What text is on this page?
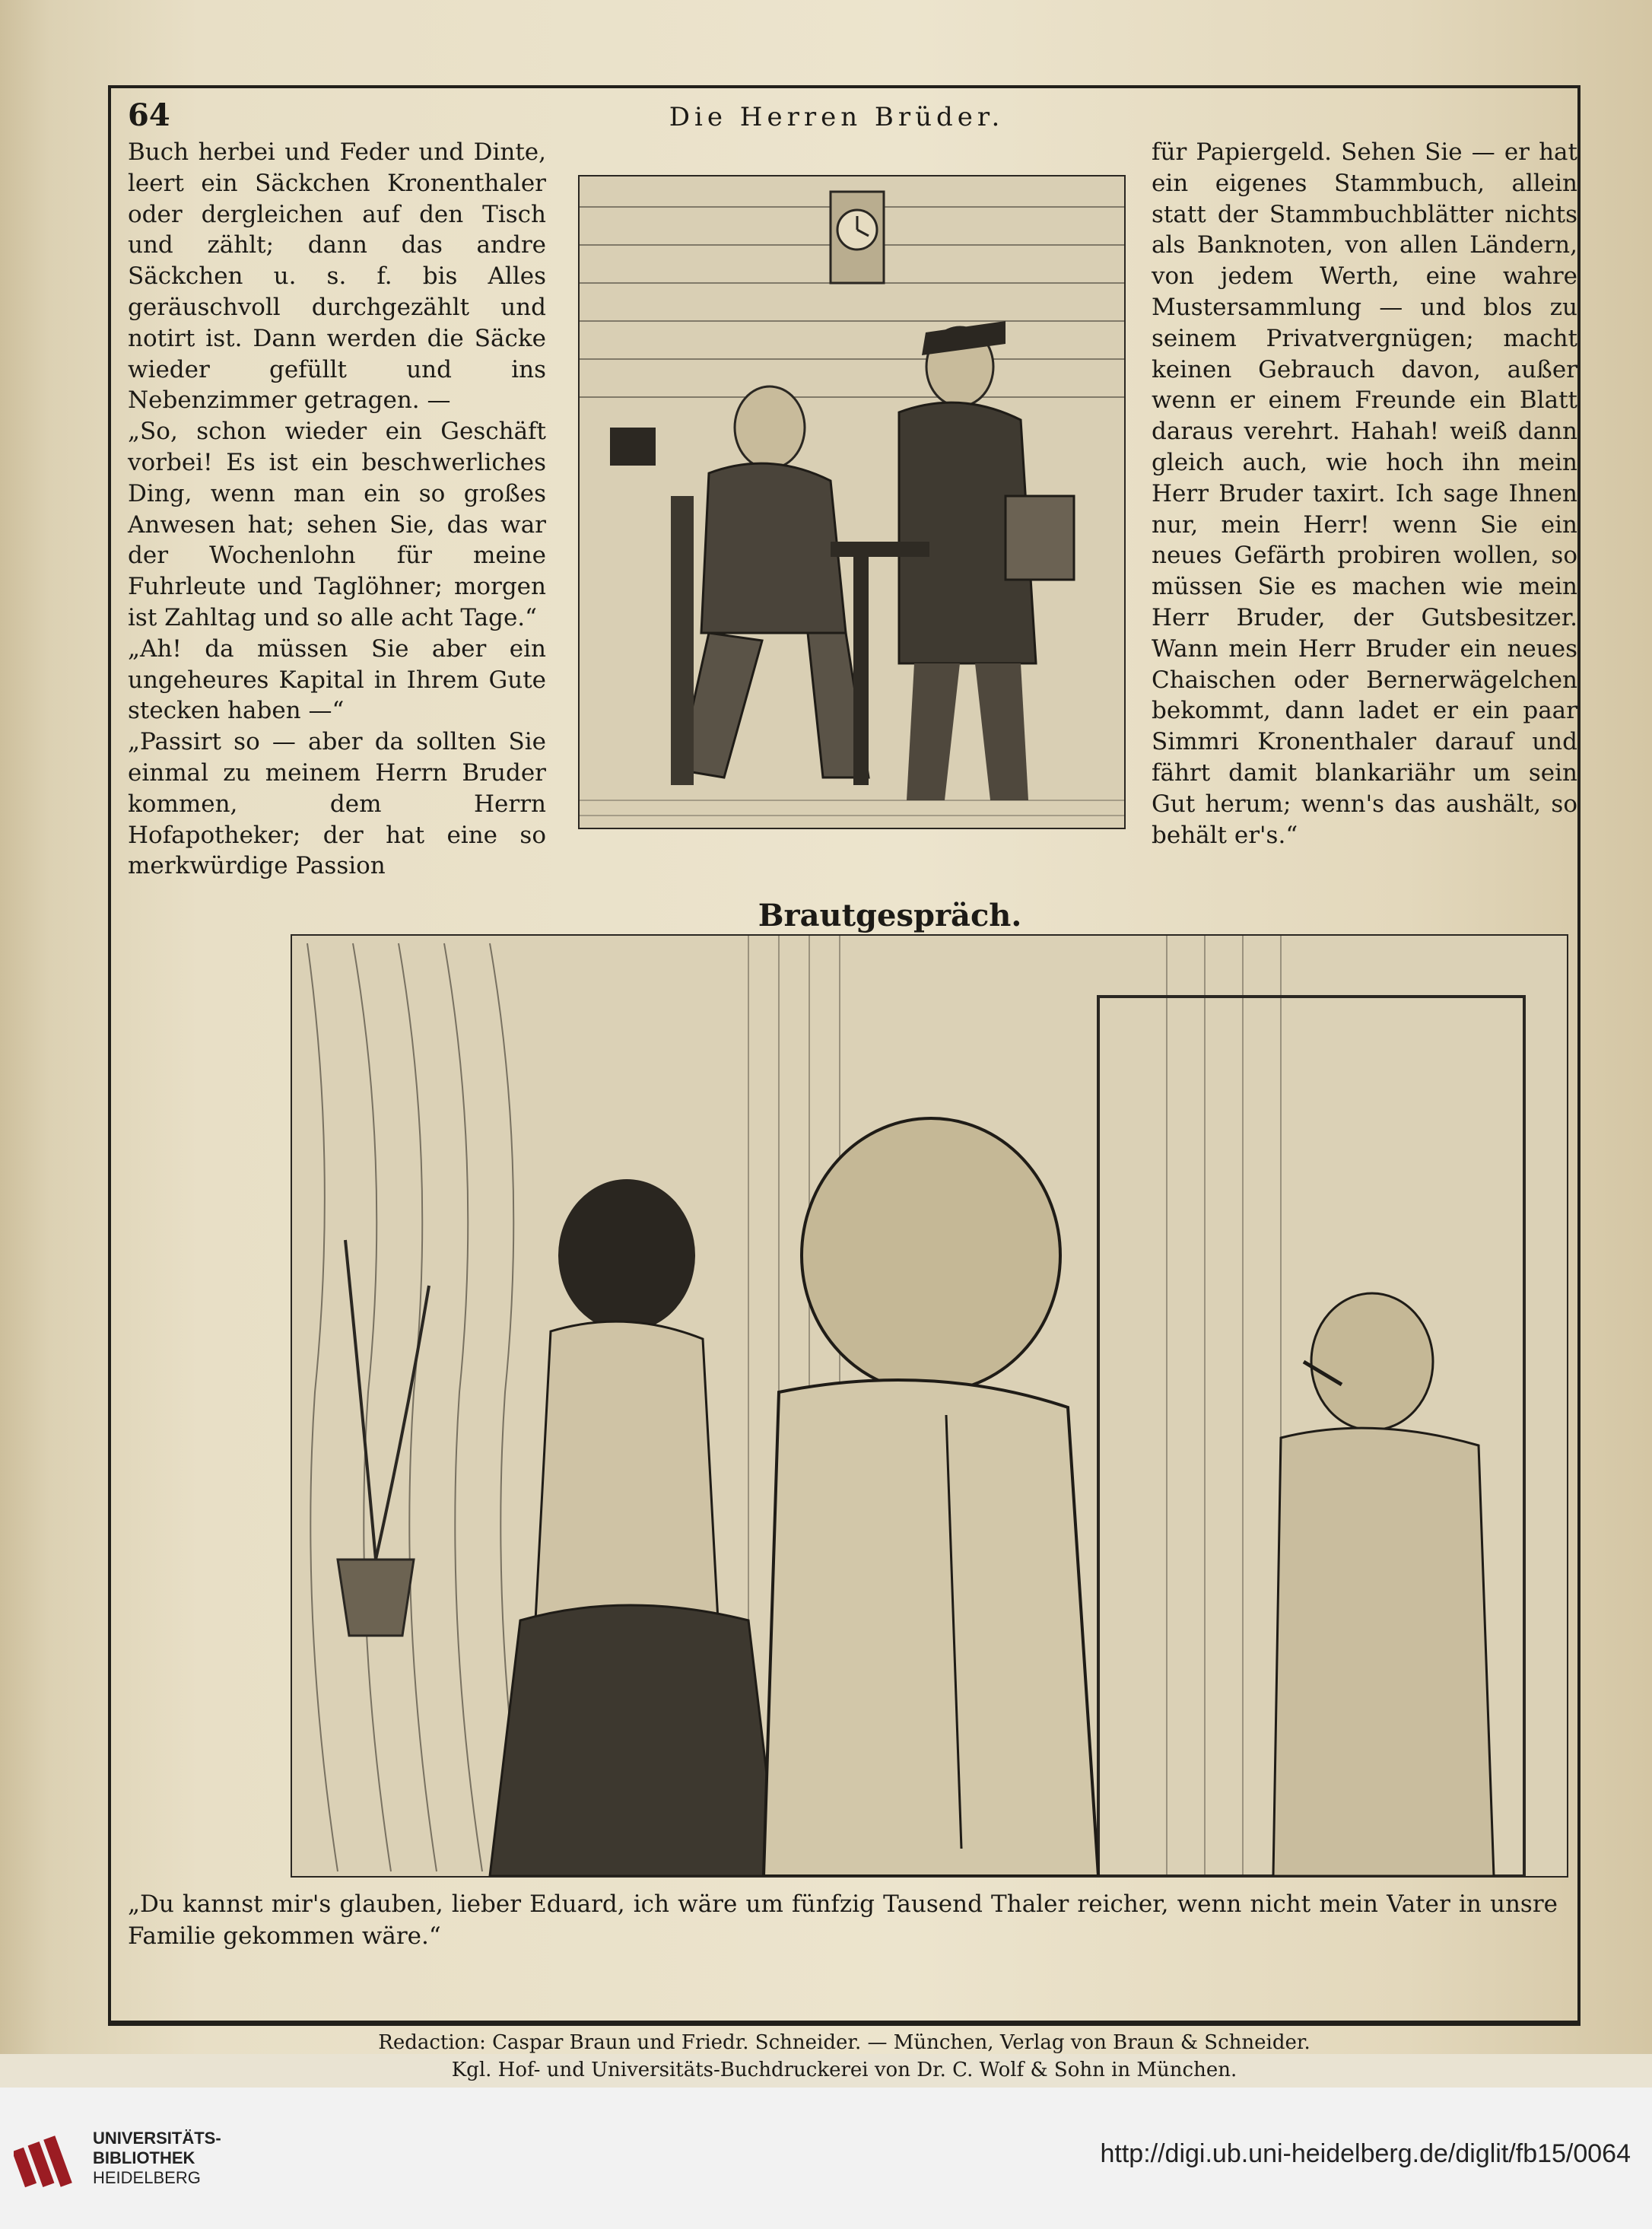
64	Die Herren Brüder.

Buch herbei und Feder und Dinte, leert ein Säckchen Kronenthaler oder dergleichen auf den Tisch und zählt; dann das andre Säckchen u. s. f. bis Alles geräuschvoll durchgezählt und notirt ist. Dann werden die Säcke wieder gefüllt und ins Nebenzimmer getragen. —

„So, schon wieder ein Geschäft vorbei! Es ist ein beschwerliches Ding, wenn man ein so großes Anwesen hat; sehen Sie, das war der Wochenlohn für meine Fuhrleute und Taglöhner; morgen ist Zahltag und so alle acht Tage.“

„Ah! da müssen Sie aber ein ungeheures Kapital in Ihrem Gute stecken haben —“

„Passirt so — aber da sollten Sie einmal zu meinem Herrn Bruder kommen, dem Herrn Hofapotheker; der hat eine so merkwürdige Passion

für Papiergeld. Sehen Sie — er hat ein eigenes Stammbuch, allein statt der Stammbuchblätter nichts als Banknoten, von allen Ländern, von jedem Werth, eine wahre Mustersammlung — und blos zu seinem Privatvergnügen; macht keinen Gebrauch davon, außer wenn er einem Freunde ein Blatt daraus verehrt. Hahah! weiß dann gleich auch, wie hoch ihn mein Herr Bruder taxirt. Ich sage Ihnen nur, mein Herr! wenn Sie ein neues Gefärth probiren wollen, so müssen Sie es machen wie mein Herr Bruder, der Gutsbesitzer. Wann mein Herr Bruder ein neues Chaischen oder Bernerwägelchen bekommt, dann ladet er ein paar Simmri Kronenthaler darauf und fährt damit blankariähr um sein Gut herum; wenn's das aushält, so behält er's.“

Brautgespräch.
„Du kannst mir's glauben, lieber Eduard, ich wäre um fünfzig Tausend Thaler reicher, wenn nicht mein Vater in unsre Familie gekommen wäre.“
Redaction: Caspar Braun und Friedr. Schneider. — München, Verlag von Braun & Schneider.
Kgl. Hof- und Universitäts-Buchdruckerei von Dr. C. Wolf & Sohn in München.
UNIVERSITÄTS-
BIBLIOTHEK
HEIDELBERG
http://digi.ub.uni-heidelberg.de/diglit/fb15/0064
